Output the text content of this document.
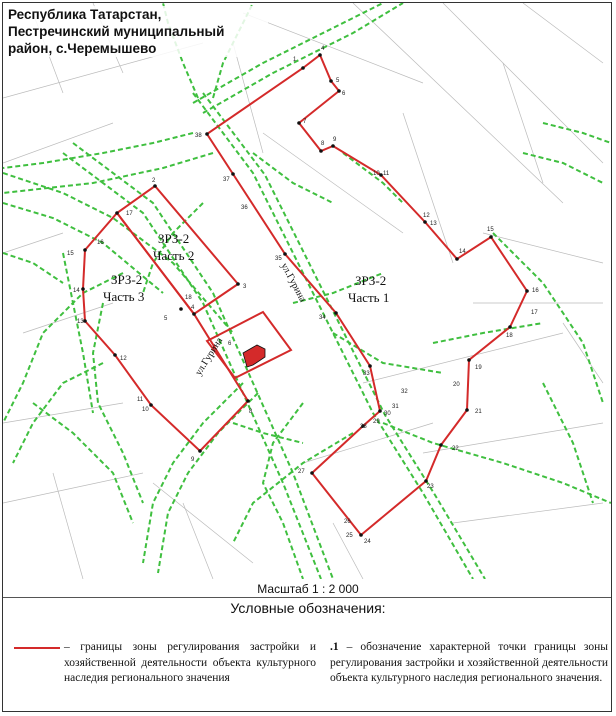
1
4
5
6
7
8
9
10 11
12
13
14
15
16
17
18
19
20
21
22
23
24
25
26
27
28
29
30
31
32
33
34
35
36
37
38
2
3
4
5
6
8
9
10
11
12
13
14
15
16
17
18
ЗРЗ-2
Часть 1
ЗРЗ-2
Часть 2
ЗРЗ-2
Часть 3	ул.Гурина
ул.Гурина
Республика Татарстан,
Пестречинский муниципальный
район, с.Черемышево
Масштаб 1 : 2 000
Условные обозначения:
– границы зоны регулирования застройки и хозяйственной деятельности объекта культурного наследия регионального значения
.1 – обозначение характерной точки границы зоны регулирования застройки и хозяйственной деятельности объекта культурного наследия регионального значения.
